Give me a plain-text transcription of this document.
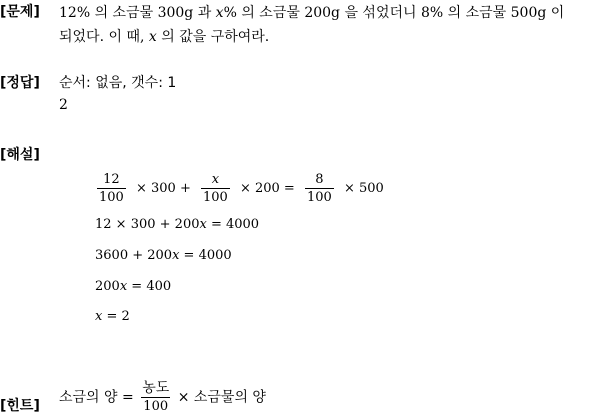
[문제] 12% 의 소금물 300g 과 x% 의 소금물 200g 을 섞었더니 8% 의 소금물 500g 이
되었다. 이 때, x 의 값을 구하여라.
[정답] 순서: 없음, 갯수: 1
2
[해설]
$\frac{12}{100} \times 300 + \frac{x}{100} \times 200 = \frac{8}{100} \times 500$
12 × 300 + 200x = 4000
3600 + 200x = 4000
200x = 400
x = 2
[힌트]
소금의 양 = $\frac{\text{농도}}{100}$ × 소금물의 양
